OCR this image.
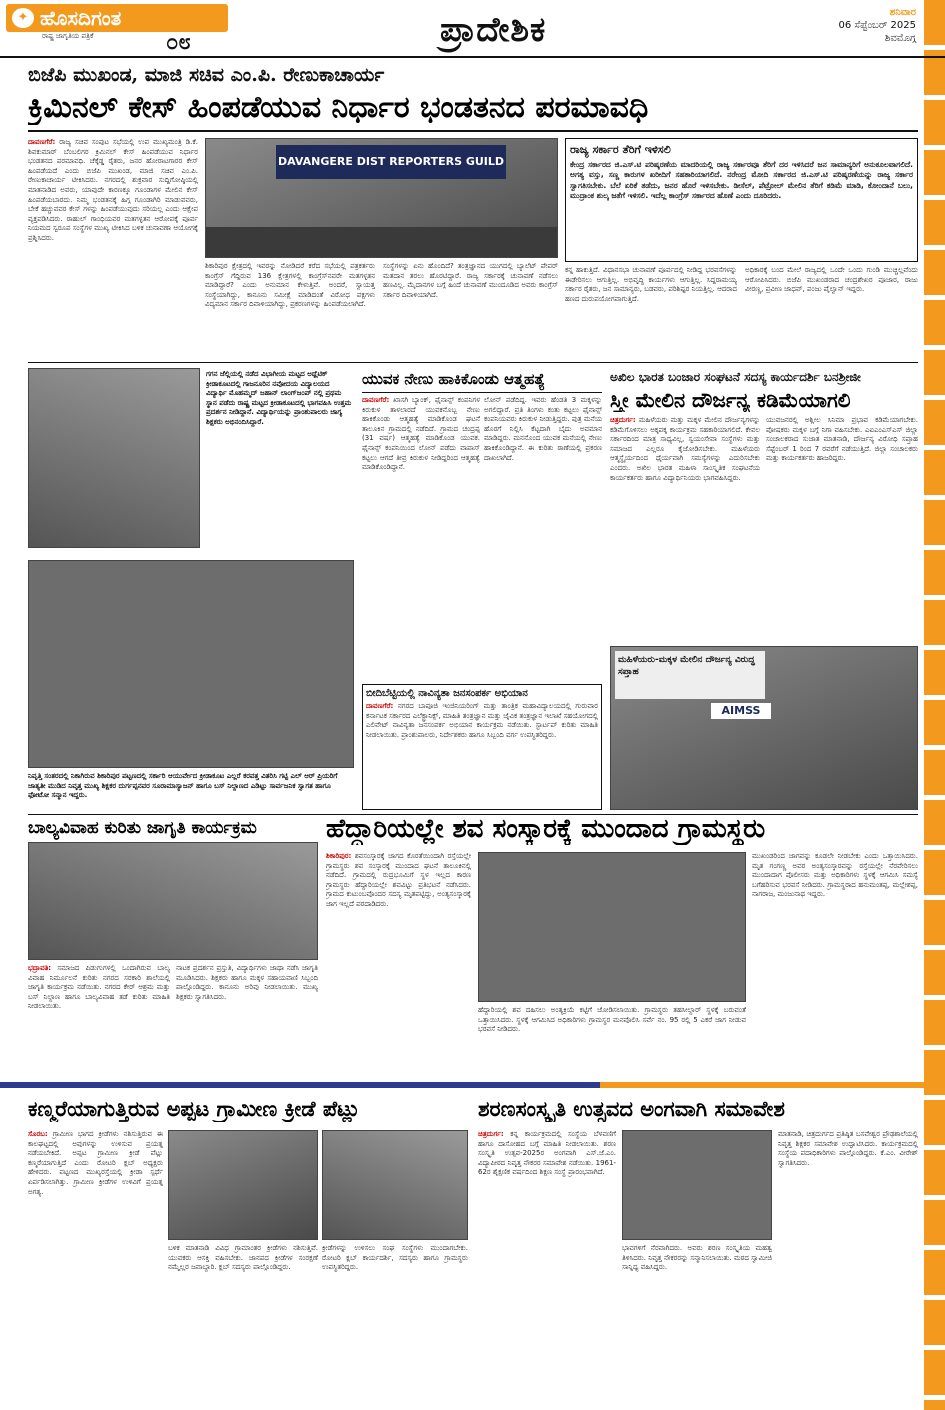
ಹೊಸದಿಗಂತ
✦
ರಾಷ್ಟ್ರ ಜಾಗೃತಿಯ ಪತ್ರಿಕೆ	೦೮	ಪ್ರಾದೇಶಿಕ	ಶನಿವಾರ
06 ಸೆಪ್ಟೆಂಬರ್ 2025
ಶಿವಮೊಗ್ಗ
ಬಿಜೆಪಿ ಮುಖಂಡ, ಮಾಜಿ ಸಚಿವ ಎಂ.ಪಿ. ರೇಣುಕಾಚಾರ್ಯ
ಕ್ರಿಮಿನಲ್ ಕೇಸ್ ಹಿಂಪಡೆಯುವ ನಿರ್ಧಾರ ಭಂಡತನದ ಪರಮಾವಧಿ
ದಾವಣಗೆರೆ: ರಾಜ್ಯ ಸಚಿವ ಸಂಪುಟ ಸಭೆಯಲ್ಲಿ ಉಪ ಮುಖ್ಯಮಂತ್ರಿ ಡಿ.ಕೆ. ಶಿವಕುಮಾರ್ ಬೆಂಬಲಿಗರ ಕ್ರಿಮಿನಲ್ ಕೇಸ್ ಹಿಂಪಡೆಯುವ ನಿರ್ಧಾರ ಭಂಡತನದ ಪರಮಾವಧಿ. ಚೆಕ್ಕೆಡ್ಡ ರೈತರು, ಜನರ ಹೋರಾಟಗಾರರ ಕೇಸ್ ಹಿಂಪಡೆಯದೆ ಎಂದು ಬಿಜೆಪಿ ಮುಖಂಡ, ಮಾಜಿ ಸಚಿವ ಎಂ.ಪಿ. ರೇಣುಕಾಚಾರ್ಯ ಟೀಕಿಸಿದರು. ನಗರದಲ್ಲಿ ಶುಕ್ರವಾರ ಸುದ್ದಿಗೋಷ್ಠಿಯಲ್ಲಿ ಮಾತನಾಡಿದ ಅವರು, ಯಾವುದೇ ಕಾರಣಕ್ಕೂ ಗೂಂಡಾಗಳ ಮೇಲಿನ ಕೇಸ್ ಹಿಂಪಡೆಯಬಾರದು. ನಿಮ್ಮ ಭಂಡತನಕ್ಕೆ ಹಿಗ್ಗ ಗೂಂಡಾಗಿರಿ ಮಾಡುವವರು, ಬೇಕೆ ಹಚ್ಚುವವರ ಕೇಸ್ ಗಳನ್ನು ಹಿಂಪಡೆಯುವುದು ಸರಿಯಲ್ಲ ಎಂದು ಆಕ್ಷೇಪ ವ್ಯಕ್ತಪಡಿಸಿದರು. ರಾಹುಲ್ ಗಾಂಧಿಯವರ ಮತಗಳ್ಳತನ ಆರೋಪಕ್ಕೆ ಪೂರ್ವ ನಿಯಮದ ಸ್ವರೂಪ ಸಂಸ್ಥೆಗಳ ಮುಖ್ಯ ಟೀಕಿಸಿದ ಬಳಿಕ ಚುನಾವಣಾ ಆಯೋಗಕ್ಕೆ ಪ್ರಶ್ನಿಸಿದರು.
DAVANGERE DIST REPORTERS GUILD
ಶಿಕಾರಿಪುರ ಕ್ಷೇತ್ರದಲ್ಲಿ ಇವರನ್ನು ನೋಡಿದರೆ ಕರೆದ ಸಭೆಯಲ್ಲಿ ಪತ್ರಕರ್ತರು ಕಾಂಗ್ರೆಸ್ ಗೆದ್ದಿರುವ 136 ಕ್ಷೇತ್ರಗಳಲ್ಲಿ ಕಾಂಗ್ರೆಸ್‌ನವರೇ ಮತಗಳ್ಳತನ ಮಾಡಿದ್ದಾರೆ? ಎಂದು ಅನುಮಾನ ಕೇಳುತ್ತಿವೆ. ಅಂದರೆ, ಸ್ವಾಯತ್ತ ಸಂಸ್ಥೆಯಾಗಿದ್ದು, ಕಾನೂನು ಸಮೀಕ್ಷೆ ಮಾಡಿದಂತೆ ವಿರೋಧ ಪಕ್ಷಗಳು ವಿದ್ಯಮಾನ ಸರ್ಕಾರ ದಿವಾಳಿಯಾಗಿದ್ದು, ಪ್ರಕರಣಗಳನ್ನು ಹಿಂಪಡೆಯಲಾಗಿದೆ.
ಸಂಸ್ಥೆಗಳನ್ನು ಏನು ಹೊಂದಿದೆ? ತಂತ್ರಜ್ಞಾನದ ಯುಗದಲ್ಲಿ ಬ್ಯಾಲೆಟ್ ಪೇಪರ್ ಮತದಾನ ತರಲು ಹೊರಟಿದ್ದಾರೆ. ರಾಜ್ಯ ಸರ್ಕಾರಕ್ಕೆ ಚುನಾವಣೆ ನಡೆಸಲು ಹಣವಿಲ್ಲ. ಮೈದಾನಗಳ ಬಗ್ಗೆ ಹಿಂದೆ ಚುನಾವಣೆ ಮುಂದೂಡಿದ ಅವರು ಕಾಂಗ್ರೆಸ್ ಸರ್ಕಾರ ದಿವಾಳಿಯಾಗಿದೆ.
ರಾಜ್ಯ ಸರ್ಕಾರ ತೆರಿಗೆ ಇಳಿಸಲಿ
ಕೇಂದ್ರ ಸರ್ಕಾರದ ಜಿ.ಎಸ್.ಟಿ ಪರಿಷ್ಕರಣೆಯ ಮಾದರಿಯಲ್ಲಿ ರಾಜ್ಯ ಸರ್ಕಾರವೂ ತೆರಿಗೆ ದರ ಇಳಿಸಿದರೆ ಜನ ಸಾಮಾನ್ಯರಿಗೆ ಅನುಕೂಲವಾಗಲಿದೆ. ಅಗತ್ಯ ವಸ್ತು, ಸಣ್ಣ ಕಾರುಗಳ ಖರೀದಿಗೆ ಸಹಕಾರಿಯಾಗಲಿದೆ. ನರೇಂದ್ರ ಮೋದಿ ಸರ್ಕಾರದ ಜಿ.ಎಸ್.ಟಿ ಪರಿಷ್ಕರಣೆಯನ್ನು ರಾಜ್ಯ ಸರ್ಕಾರ ಸ್ವಾಗತಿಸಬೇಕು. ಬೆಲೆ ಏರಿಕೆ ತಡೆದು, ಜನರ ಹೊರೆ ಇಳಿಸಬೇಕು. ಡೀಸೆಲ್, ಪೆಟ್ರೋಲ್ ಮೇಲಿನ ತೆರಿಗೆ ಕಡಿಮೆ ಮಾಡಿ, ಕೋಂದಾನೆ ಬಲು, ಮುದ್ರಾಂಕ ಶುಲ್ಕ ಜತೆಗೆ ಇಳಿಸಲಿ. ಇದೆಲ್ಲ ಕಾಂಗ್ರೆಸ್ ಸರ್ಕಾರದ ಹೊಣೆ ಎಂದು ದೂರಿದರು.
ಕನ್ನ ಹಾಕುತ್ತಿದೆ. ವಿಧಾನಸಭಾ ಚುನಾವಣೆ ಪೂರ್ವದಲ್ಲಿ ನೀಡಿದ್ದ ಭರವಸೆಗಳನ್ನು ಈಡೇರಿಸಲು ಆಗುತ್ತಿಲ್ಲ. ಅಭಿವೃದ್ಧಿ ಕಾರ್ಯಗಳು ಆಗುತ್ತಿಲ್ಲ. ಸಿದ್ದರಾಮಯ್ಯ ಸರ್ಕಾರ ರೈತರು, ಜನ ಸಾಮಾನ್ಯರು, ಬಡವರು, ಪರಿಶಿಷ್ಟರ ನಿಯತ್ತಿಲ್ಲ. ಆದರಾದ ಹಣದ ದುರುಪಯೋಗವಾಗುತ್ತಿದೆ.
ಅಧಿಕಾರಕ್ಕೆ ಬಂದ ಮೇಲೆ ರಾಜ್ಯದಲ್ಲಿ ಒಂದೇ ಒಂದು ಗುಂಡಿ ಮುಚ್ಚಿಲ್ಲವೆಂದು ಆರೋಪಿಸಿದರು. ಬಿಜೆಪಿ ಮುಖಂಡರಾದ ಚಂದ್ರಶೇಖರ ಪೂಜಾರ, ರಾಜು ವೀರಣ್ಣ, ಪ್ರವೀಣ ಜಾಧವ್, ಪಂಜು ಪೈಲ್ವಾನ್ ಇದ್ದರು.
ಗಗನ ಜೆಲ್ಲಿಯಲ್ಲಿ ನಡೆದ ವಿಭಾಗೀಯ ಮಟ್ಟದ ಅಥ್ಲೆಟಿಕ್ ಕ್ರೀಡಾಕೂಟದಲ್ಲಿ ಗಾಜನೂರಿನ ನವೋದಯ ವಿದ್ಯಾಲಯದ ವಿದ್ಯಾರ್ಥಿ ಮೊಹಮ್ಮದ್ ಜಹಾನ್ ಲಾಂಗ್‌ಜಂಪ್ ನಲ್ಲಿ ಪ್ರಥಮ ಸ್ಥಾನ ಪಡೆದು ರಾಷ್ಟ್ರ ಮಟ್ಟದ ಕ್ರೀಡಾಕೂಟದಲ್ಲಿ ಭಾಗವಹಿಸಿ ಉತ್ತಮ ಪ್ರದರ್ಶನ ನೀಡಿದ್ದಾನೆ. ವಿದ್ಯಾರ್ಥಿಯನ್ನು ಪ್ರಾಂಶುಪಾಲರು ಜಾಗ್ಯ ಶಿಕ್ಷಕರು ಅಭಿನಂದಿಸಿದ್ದಾರೆ.
ನಿವೃತ್ತಿ ಸಂತರದಲ್ಲಿ ನಿಕಾಗಿರುವ ಶಿಕಾರಿಪುರ ಪಟ್ಟಣದಲ್ಲಿ ಸರ್ಕಾರಿ ಆಯುರ್ವೇದ ಕ್ರೀಡಾಕೂಟ ಎಲ್ಲರೆ ಕರವತ್ತ ವಿತರಿಸಿ ಗಟ್ಟಿ ಎಲ್ ಆರ್ ಪ್ರಿಯರಿಗೆ ಜಾತ್ಯತೀ ಮುಡಿದ ನಿವೃತ್ತ ಮುಖ್ಯ ಶಿಕ್ಷಕರ ದುರ್ಗಪ್ಪನವರ ಸೂರಾಮಾಸ್ಯಾಜನ್ ಹಾಗೂ ಬಸ್ ನಿಲ್ದಾಣದ ಎಡಿಟ್ಟು ಸಾರ್ವಜನಿಕ ಸ್ವಾಗತ ಹಾಗೂ ಫೋಟೋ ಸನ್ಮಾನ ಇದ್ದರು.
ಯುವಕ ನೇಣು ಹಾಕಿಕೊಂಡು ಆತ್ಮಹತ್ಯೆ
ದಾವಣಗೆರೆ: ಖಾಸಗಿ ಬ್ಯಾಂಕ್, ಫೈನಾನ್ಸ್ ಕಂಪನಿಗಳ ಕಿರುಕುಳ ತಾಳಲಾರದೆ ಯುವಕನೊಬ್ಬ ನೇಣು ಹಾಕಿಕೊಂಡು ಆತ್ಮಹತ್ಯೆ ಮಾಡಿಕೊಂಡ ಘಟನೆ ತಾಲೂಕಿನ ಗ್ರಾಮದಲ್ಲಿ ನಡೆದಿದೆ. ಗ್ರಾಮದ ಚಂದ್ರಪ್ಪ (31 ವರ್ಷ) ಆತ್ಮಹತ್ಯೆ ಮಾಡಿಕೊಂಡ ಯುವಕ. ಫೈನಾನ್ಸ್ ಕಂಪನಿಯಿಂದ ಲೋನ್ ಪಡೆದು ವಾಪಾಸ್ ಕಟ್ಟಲು ಆಗದೆ ತೀವ್ರ ಕಿರುಕುಳ ನೀಡಿದ್ದರಿಂದ ಆತ್ಮಹತ್ಯೆ ಮಾಡಿಕೊಂಡಿದ್ದಾನೆ.
ಲೋನ್ ಪಡೆದಿದ್ದ. ಇವರು ಹೆಂಡತಿ 3 ಮಕ್ಕಳನ್ನು ಅಗಲಿದ್ದಾರೆ. ಪ್ರತಿ ತಿಂಗಳು ಕಂತು ಕಟ್ಟಲು ಫೈನಾನ್ಸ್ ಕಂಪನಿಯವರು ಕಿರುಕುಳ ನೀಡುತ್ತಿದ್ದರು. ಪುತ್ರ ಮನೆಯ ಹೊರಗೆ ನಿಲ್ಲಿಸಿ ಕೆಟ್ಟದಾಗಿ ಬೈದು ಅವಮಾನ ಮಾಡಿದ್ದರು. ಮನನೊಂದ ಯುವಕ ಮನೆಯಲ್ಲಿ ನೇಣು ಹಾಕಿಕೊಂಡಿದ್ದಾನೆ. ಈ ಕುರಿತು ಠಾಣೆಯಲ್ಲಿ ಪ್ರಕರಣ ದಾಖಲಾಗಿದೆ.
ಬೀದಿಬೆಟ್ಟಿಯಲ್ಲಿ ನಾವಿನ್ಯತಾ ಜನಸಂಪರ್ಕ ಅಭಿಯಾನ
ದಾವಣಗೆರೆ: ನಗರದ ಬಾಪೂಜಿ ಇಂಜಿನಿಯರಿಂಗ್ ಮತ್ತು ತಾಂತ್ರಿಕ ಮಹಾವಿದ್ಯಾಲಯದಲ್ಲಿ ಗುರುವಾರ ಕರ್ನಾಟಕ ಸರ್ಕಾರದ ಎಲೆಕ್ಟ್ರಾನಿಕ್ಸ್, ಮಾಹಿತಿ ತಂತ್ರಜ್ಞಾನ ಮತ್ತು ಜೈವಿಕ ತಂತ್ರಜ್ಞಾನ ಇಲಾಖೆ ಸಹಯೋಗದಲ್ಲಿ ಎಲಿವೇಟ್ ನಾವಿನ್ಯತಾ ಜನಸಂಪರ್ಕ ಅಭಿಯಾನ ಕಾರ್ಯಕ್ರಮ ನಡೆಯಿತು. ಸ್ಟಾರ್ಟಪ್ ಕುರಿತು ಮಾಹಿತಿ ನೀಡಲಾಯಿತು. ಪ್ರಾಂಶುಪಾಲರು, ನಿರ್ದೇಶಕರು ಹಾಗೂ ಸಿಬ್ಬಂದಿ ವರ್ಗ ಉಪಸ್ಥಿತರಿದ್ದರು.
ಅಖಿಲ ಭಾರತ ಬಂಜಾರ ಸಂಘಟನೆ ಸದಸ್ಯ ಕಾರ್ಯದರ್ಶಿ ಬನಶ್ರೀಜೀ
ಸ್ತ್ರೀ ಮೇಲಿನ ದೌರ್ಜನ್ಯ ಕಡಿಮೆಯಾಗಲಿ
ಚಿತ್ರದುರ್ಗ: ಮಹಿಳೆಯರು ಮತ್ತು ಮಕ್ಕಳ ಮೇಲಿನ ದೌರ್ಜನ್ಯಗಳನ್ನು ಕಡಿಮೆಗೊಳಿಸಲು ಅಕ್ಕಪಕ್ಕ ಕಾರ್ಯಕ್ರಮ ಸಹಕಾರಿಯಾಗಲಿದೆ. ಕೇವಲ ಸರ್ಕಾರದಿಂದ ಮಾತ್ರ ಸಾಧ್ಯವಿಲ್ಲ, ಸ್ವಯಂಸೇವಾ ಸಂಸ್ಥೆಗಳು ಮತ್ತು ಸಮಾಜದ ಎಲ್ಲರೂ ಕೈಜೋಡಿಸಬೇಕು. ಮಹಿಳೆಯರು ಆತ್ಮಸ್ಥೈರ್ಯದಿಂದ ಧೈರ್ಯವಾಗಿ ಸಮಸ್ಯೆಗಳನ್ನು ಎದುರಿಸಬೇಕು ಎಂದರು. ಅಖಿಲ ಭಾರತ ಮಹಿಳಾ ಸಾಂಸ್ಕೃತಿಕ ಸಂಘಟನೆಯ ಕಾರ್ಯಕರ್ತರು ಹಾಗೂ ವಿದ್ಯಾರ್ಥಿನಿಯರು ಭಾಗವಹಿಸಿದ್ದರು.
ಯುವಜನರಲ್ಲಿ ಅಶ್ಲೀಲ ಸಿನಿಮಾ ಪ್ರಭಾವ ಕಡಿಮೆಯಾಗಬೇಕು. ಪೋಷಕರು ಮಕ್ಕಳ ಬಗ್ಗೆ ನಿಗಾ ವಹಿಸಬೇಕು. ಎಐಎಂಎಸ್‌ಎಸ್ ಜಿಲ್ಲಾ ಸಂಚಾಲಕರಾದ ಸುಜಾತ ಮಾತನಾಡಿ, ದೌರ್ಜನ್ಯ ವಿರೋಧಿ ಸಪ್ತಾಹ ಸೆಪ್ಟೆಂಬರ್ 1 ರಿಂದ 7 ರವರೆಗೆ ನಡೆಯುತ್ತಿದೆ. ಜಿಲ್ಲಾ ಸಂಚಾಲಕರು ಮತ್ತು ಕಾರ್ಯಕರ್ತರು ಹಾಜರಿದ್ದರು.
ಮಹಿಳೆಯರು-ಮಕ್ಕಳ ಮೇಲಿನ ದೌರ್ಜನ್ಯ ವಿರುದ್ಧ ಸಪ್ತಾಹ
AIMSS
ಬಾಲ್ಯವಿವಾಹ ಕುರಿತು ಜಾಗೃತಿ ಕಾರ್ಯಕ್ರಮ
ಭದ್ರಾವತಿ: ಸಮಾಜದ ಪಿಡುಗುಗಳಲ್ಲಿ ಒಂದಾಗಿರುವ ಬಾಲ್ಯ ವಿವಾಹ ನಿರ್ಮೂಲನೆ ಕುರಿತು ನಗರದ ಸರಕಾರಿ ಶಾಲೆಯಲ್ಲಿ ಜಾಗೃತಿ ಕಾರ್ಯಕ್ರಮ ನಡೆಯಿತು. ನಗರದ ಕೇರ್ ಆಶ್ರಮ ಮತ್ತು ಬಸ್ ನಿಲ್ದಾಣ ಹಾಗೂ ಬಾಲ್ಯವಿವಾಹ ತಡೆ ಕುರಿತು ಮಾಹಿತಿ ನೀಡಲಾಯಿತು.
ನಾಟಕ ಪ್ರದರ್ಶನ ಪ್ರಸ್ತುತಿ, ವಿದ್ಯಾರ್ಥಿಗಳು ಜಾಥಾ ನಡೆಸಿ ಜಾಗೃತಿ ಮೂಡಿಸಿದರು. ಶಿಕ್ಷಕರು ಹಾಗೂ ಮಕ್ಕಳ ಸಹಾಯವಾಣಿ ಸಿಬ್ಬಂದಿ ಪಾಲ್ಗೊಂಡಿದ್ದರು. ಕಾನೂನು ಅರಿವು ನೀಡಲಾಯಿತು. ಮುಖ್ಯ ಶಿಕ್ಷಕರು ಸ್ವಾಗತಿಸಿದರು.
ಹೆದ್ದಾರಿಯಲ್ಲೇ ಶವ ಸಂಸ್ಕಾರಕ್ಕೆ ಮುಂದಾದ ಗ್ರಾಮಸ್ಥರು
ಶಿಕಾರಿಪುರ: ಶವಸಂಸ್ಕಾರಕ್ಕೆ ಜಾಗದ ಕೊರತೆಯಿಂದಾಗಿ ರಸ್ತೆಯಲ್ಲೇ ಗ್ರಾಮಸ್ಥರು ಶವ ಸಂಸ್ಕಾರಕ್ಕೆ ಮುಂದಾದ ಘಟನೆ ತಾಲೂಕಿನಲ್ಲಿ ನಡೆದಿದೆ. ಗ್ರಾಮದಲ್ಲಿ ರುದ್ರಭೂಮಿಗೆ ಸ್ಥಳ ಇಲ್ಲದ ಕಾರಣ ಗ್ರಾಮಸ್ಥರು ಹೆದ್ದಾರಿಯಲ್ಲೇ ಶವವಿಟ್ಟು ಪ್ರತಿಭಟನೆ ನಡೆಸಿದರು. ಗ್ರಾಮದ ಕುಟುಂಬವೊಂದರ ಸದಸ್ಯ ಮೃತಪಟ್ಟಿದ್ದು, ಅಂತ್ಯಸಂಸ್ಕಾರಕ್ಕೆ ಜಾಗ ಇಲ್ಲದೆ ಪರದಾಡಿದರು.
ಹೆದ್ದಾರಿಯಲ್ಲಿ ಶವ ದಹಿಸಲು ಅಂತ್ಯಕ್ರಿಯೆ ಕಟ್ಟಿಗೆ ಜೋಡಿಸಲಾಯಿತು. ಗ್ರಾಮಸ್ಥರು ತಹಸೀಲ್ದಾರ್ ಸ್ಥಳಕ್ಕೆ ಬರುವಂತೆ ಒತ್ತಾಯಿಸಿದರು. ಸ್ಥಳಕ್ಕೆ ಆಗಮಿಸಿದ ಅಧಿಕಾರಿಗಳು ಗ್ರಾಮಸ್ಥರ ಮನವೊಲಿಸಿ ಸರ್ವೆ ನಂ. 95 ರಲ್ಲಿ 5 ಎಕರೆ ಜಾಗ ನೀಡುವ ಭರವಸೆ ನೀಡಿದರು.
ಮುಖಂಡರಿಂದ ಜಾಗವನ್ನು ಕೂಡಲೇ ನೀಡಬೇಕು ಎಂದು ಒತ್ತಾಯಿಸಿದರು. ಮೃತ ಗಂಗಣ್ಣ ಅವರ ಅಂತ್ಯಸಂಸ್ಕಾರವನ್ನು ರಸ್ತೆಯಲ್ಲೇ ನೆರವೇರಿಸಲು ಮುಂದಾದಾಗ ಪೊಲೀಸರು ಮತ್ತು ಅಧಿಕಾರಿಗಳು ಸ್ಥಳಕ್ಕೆ ಆಗಮಿಸಿ ಸಮಸ್ಯೆ ಬಗೆಹರಿಸುವ ಭರವಸೆ ನೀಡಿದರು. ಗ್ರಾಮಸ್ಥರಾದ ಹನುಮಂತಪ್ಪ, ಮಲ್ಲೇಶಪ್ಪ, ನಾಗರಾಜ, ಮಂಜುನಾಥ ಇದ್ದರು.
ಕಣ್ಮರೆಯಾಗುತ್ತಿರುವ ಅಪ್ಪಟ ಗ್ರಾಮೀಣ ಕ್ರೀಡೆ ಪೆಟ್ಲು
ಸೊರಬ: ಗ್ರಾಮೀಣ ಭಾಗದ ಕ್ರೀಡೆಗಳು ನಶಿಸುತ್ತಿರುವ ಈ ಕಾಲಘಟ್ಟದಲ್ಲಿ ಅವುಗಳನ್ನು ಉಳಿಸುವ ಪ್ರಯತ್ನ ನಡೆಯಬೇಕಿದೆ. ಅಪ್ಪಟ ಗ್ರಾಮೀಣ ಕ್ರೀಡೆ ಪೆಟ್ಲು ಕಣ್ಮರೆಯಾಗುತ್ತಿದೆ ಎಂದು ರೋಟರಿ ಕ್ಲಬ್ ಅಧ್ಯಕ್ಷರು ಹೇಳಿದರು. ಪಟ್ಟಣದ ಮುಖ್ಯರಸ್ತೆಯಲ್ಲಿ ಕ್ರೀಡಾ ಸ್ಪರ್ಧೆ ಏರ್ಪಡಿಸಲಾಗಿತ್ತು. ಗ್ರಾಮೀಣ ಕ್ರೀಡೆಗಳ ಉಳಿವಿಗೆ ಪ್ರಯತ್ನ ಅಗತ್ಯ.
ಬಳಿಕ ಮಾತನಾಡಿ ವಿವಿಧ ಗ್ರಾಮಾಂತರ ಕ್ರೀಡೆಗಳು ನಶಿಸುತ್ತಿವೆ. ಯುವಕರು ಆಸಕ್ತಿ ವಹಿಸಬೇಕು. ಜಾನಪದ ಕ್ರೀಡೆಗಳ ಸಂರಕ್ಷಣೆ ನಮ್ಮೆಲ್ಲರ ಜವಾಬ್ದಾರಿ. ಕ್ಲಬ್ ಸದಸ್ಯರು ಪಾಲ್ಗೊಂಡಿದ್ದರು.
ಕ್ರೀಡೆಗಳನ್ನು ಉಳಿಸಲು ಸಂಘ ಸಂಸ್ಥೆಗಳು ಮುಂದಾಗಬೇಕು. ರೋಟರಿ ಕ್ಲಬ್ ಕಾರ್ಯದರ್ಶಿ, ಸದಸ್ಯರು ಹಾಗೂ ಗ್ರಾಮಸ್ಥರು ಉಪಸ್ಥಿತರಿದ್ದರು.
ಶರಣಸಂಸ್ಕೃತಿ ಉತ್ಸವದ ಅಂಗವಾಗಿ ಸಮಾವೇಶ
ಚಿತ್ರದುರ್ಗ: ಕನ್ನ ಕಾರ್ಯಕ್ರಮದಲ್ಲಿ ಸಂಸ್ಥೆಯ ಬೆಳವಣಿಗೆ ಹಾಗೂ ದಾಸೋಹದ ಬಗ್ಗೆ ಮಾಹಿತಿ ನೀಡಲಾಯಿತು. ಶರಣ ಸಂಸ್ಕೃತಿ ಉತ್ಸವ-2025ರ ಅಂಗವಾಗಿ ಎಸ್.ಜೆ.ಎಂ. ವಿದ್ಯಾಪೀಠದ ನಿವೃತ್ತ ನೌಕರರ ಸಮಾವೇಶ ನಡೆಯಿತು. 1961-62ರ ಶೈಕ್ಷಣಿಕ ವರ್ಷದಿಂದ ಶಿಕ್ಷಣ ಸಂಸ್ಥೆ ಪ್ರಾರಂಭವಾಗಿದೆ.
ಭಾವಗಳಿಗೆ ನೆರವಾಗಿದರು. ಅವರು ಶರಣ ಸಂಸ್ಕೃತಿಯ ಮಹತ್ವ ತಿಳಿಸಿದರು. ನಿವೃತ್ತ ನೌಕರರನ್ನು ಸನ್ಮಾನಿಸಲಾಯಿತು. ಮಠದ ಸ್ವಾಮೀಜಿ ಸಾನ್ನಿಧ್ಯ ವಹಿಸಿದ್ದರು.
ಮಾತನಾಡಿ, ಚಿತ್ರದುರ್ಗದ ಪ್ರತಿಷ್ಠಿತ ಬಸವೇಶ್ವರ ಪ್ರೌಢಶಾಲೆಯಲ್ಲಿ ನಿವೃತ್ತ ಶಿಕ್ಷಕರ ಸಮಾವೇಶ ಉದ್ಘಾಟಿಸಿದರು. ಕಾರ್ಯಕ್ರಮದಲ್ಲಿ ಸಂಸ್ಥೆಯ ಪದಾಧಿಕಾರಿಗಳು ಪಾಲ್ಗೊಂಡಿದ್ದರು. ಕೆ.ಎಂ. ವೀರೇಶ್ ಸ್ವಾಗತಿಸಿದರು.
